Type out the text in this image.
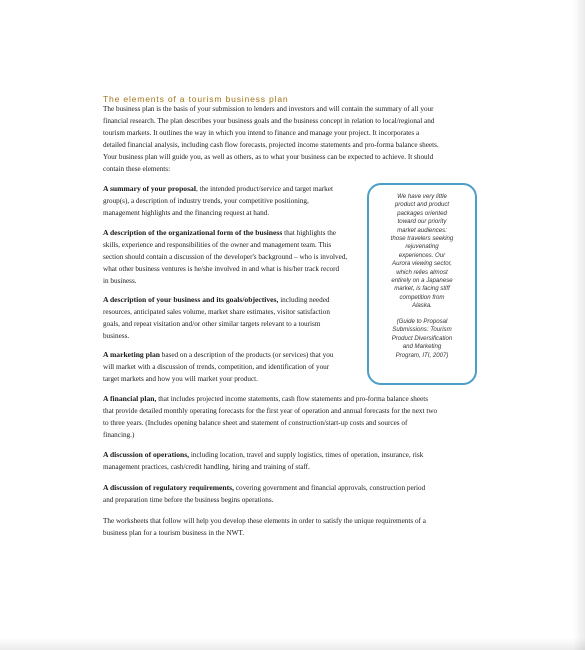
The elements of a tourism business plan
The business plan is the basis of your submission to lenders and investors and will contain the summary of all your
financial research. The plan describes your business goals and the business concept in relation to local/regional and
tourism markets. It outlines the way in which you intend to finance and manage your project. It incorporates a
detailed financial analysis, including cash flow forecasts, projected income statements and pro-forma balance sheets.
Your business plan will guide you, as well as others, as to what your business can be expected to achieve. It should
contain these elements:
A summary of your proposal, the intended product/service and target market
group(s), a description of industry trends, your competitive positioning,
management highlights and the financing request at hand.
A description of the organizational form of the business that highlights the
skills, experience and responsibilities of the owner and management team. This
section should contain a discussion of the developer's background – who is involved,
what other business ventures is he/she involved in and what is his/her track record
in business.
A description of your business and its goals/objectives, including needed
resources, anticipated sales volume, market share estimates, visitor satisfaction
goals, and repeat visitation and/or other similar targets relevant to a tourism
business.
A marketing plan based on a description of the products (or services) that you
will market with a discussion of trends, competition, and identification of your
target markets and how you will market your product.
A financial plan, that includes projected income statements, cash flow statements and pro-forma balance sheets
that provide detailed monthly operating forecasts for the first year of operation and annual forecasts for the next two
to three years. (Includes opening balance sheet and statement of construction/start-up costs and sources of
financing.)
A discussion of operations, including location, travel and supply logistics, times of operation, insurance, risk
management practices, cash/credit handling, hiring and training of staff.
A discussion of regulatory requirements, covering government and financial approvals, construction period
and preparation time before the business begins operations.
The worksheets that follow will help you develop these elements in order to satisfy the unique requirements of a
business plan for a tourism business in the NWT.
We have very little
product and product
packages oriented
toward our priority
market audiences:
those travelers seeking
rejuvenating
experiences. Our
Aurora viewing sector,
which relies almost
entirely on a Japanese
market, is facing stiff
competition from
Alaska.
(Guide to Proposal
Submissions: Tourism
Product Diversification
and Marketing
Program, ITI, 2007)
